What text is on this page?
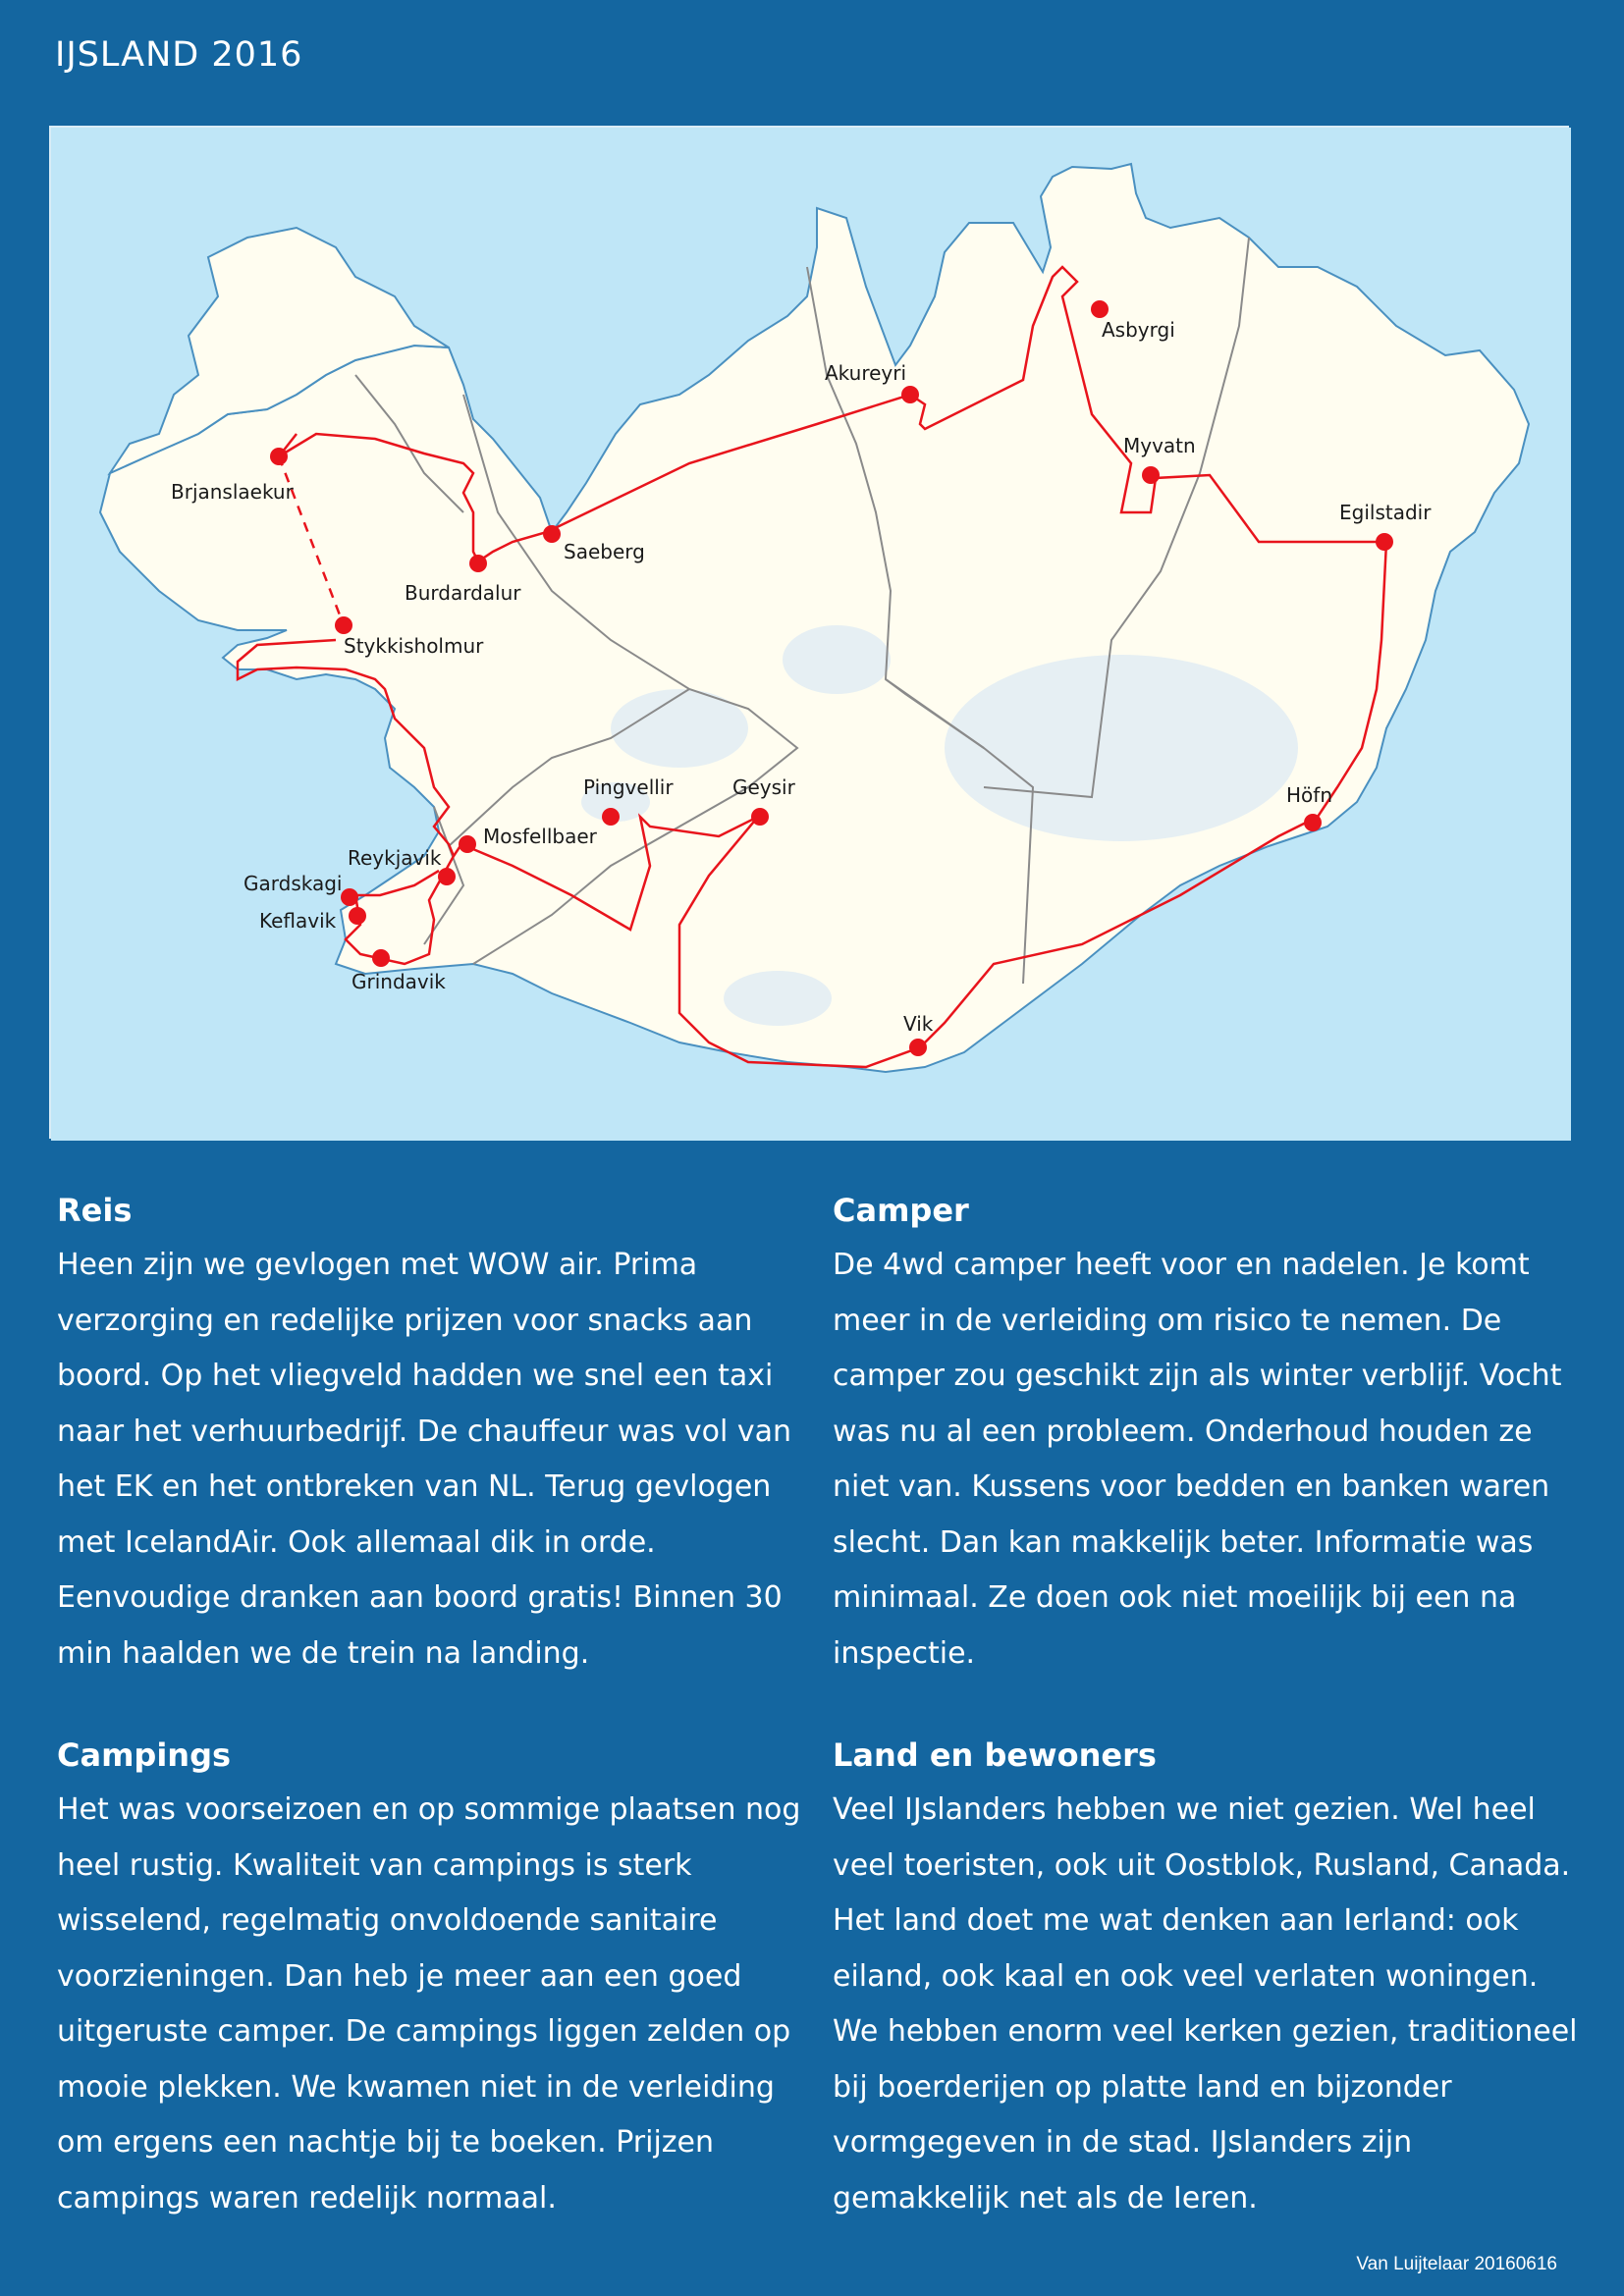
IJSLAND 2016
Brjanslaekur
Burdardalur
Saeberg
Stykkisholmur
Akureyri
Asbyrgi
Myvatn
Egilstadir
Höfn
Vik
Geysir
Pingvellir
Mosfellbaer
Reykjavik
Gardskagi
Keflavik
Grindavik
Reis

Heen zijn we gevlogen met WOW air. Prima verzorging en redelijke prijzen voor snacks aan boord. Op het vliegveld hadden we snel een taxi naar het verhuurbedrijf. De chauffeur was vol van het EK en het ontbreken van NL. Terug gevlogen met IcelandAir. Ook allemaal dik in orde. Eenvoudige dranken aan boord gratis! Binnen 30 min haalden we de trein na landing.

Camper

De 4wd camper heeft voor en nadelen. Je komt meer in de verleiding om risico te nemen. De camper zou geschikt zijn als winter verblijf. Vocht was nu al een probleem. Onderhoud houden ze niet van. Kussens voor bedden en banken waren slecht. Dan kan makkelijk beter. Informatie was minimaal. Ze doen ook niet moeilijk bij een na inspectie.

Campings

Het was voorseizoen en op sommige plaatsen nog heel rustig. Kwaliteit van campings is sterk wisselend, regelmatig onvoldoende sanitaire voorzieningen. Dan heb je meer aan een goed uitgeruste camper. De campings liggen zelden op mooie plekken. We kwamen niet in de verleiding om ergens een nachtje bij te boeken. Prijzen campings waren redelijk normaal.

Land en bewoners

Veel IJslanders hebben we niet gezien. Wel heel veel toeristen, ook uit Oostblok, Rusland, Canada. Het land doet me wat denken aan Ierland: ook eiland, ook kaal en ook veel verlaten woningen. We hebben enorm veel kerken gezien, traditioneel bij boerderijen op platte land en bijzonder vormgegeven in de stad. IJslanders zijn gemakkelijk net als de Ieren.

Van Luijtelaar 20160616
